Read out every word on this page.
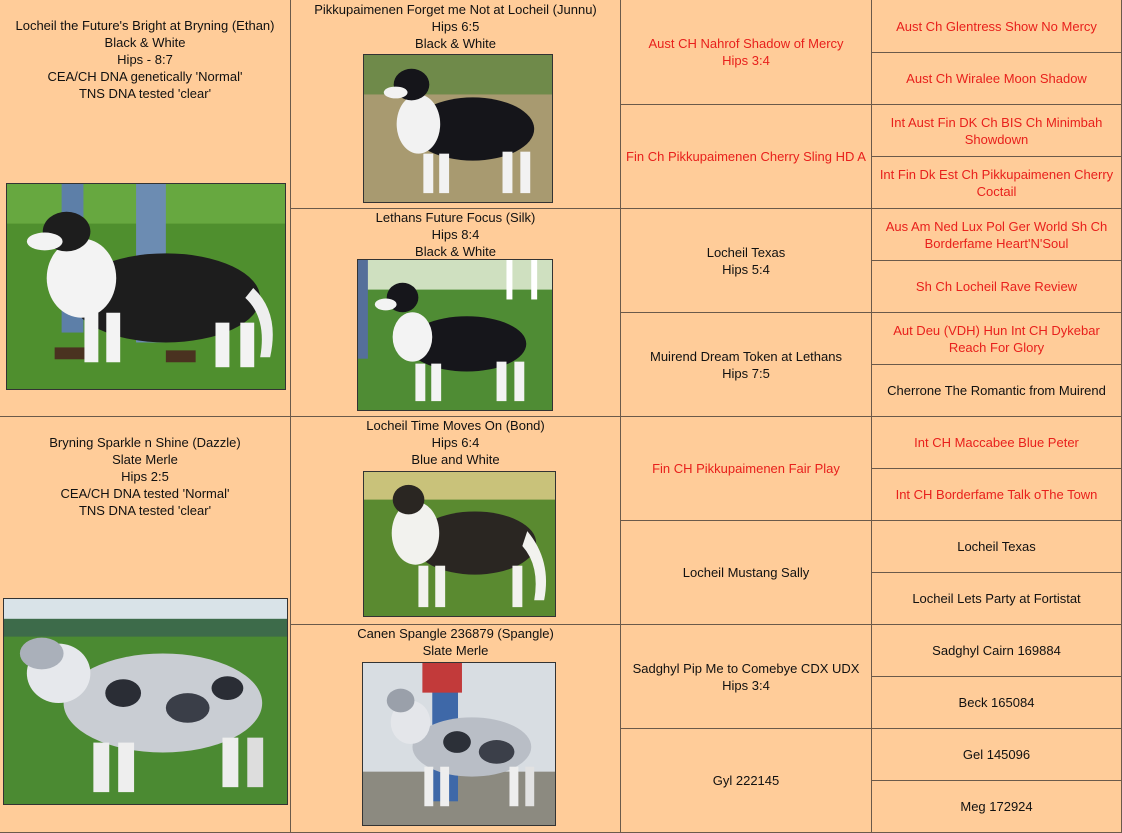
Locheil the Future's Bright at Bryning (Ethan)
Black & White
Hips - 8:7
CEA/CH DNA genetically 'Normal'
TNS DNA tested 'clear'
Bryning Sparkle n Shine (Dazzle)
Slate Merle
Hips 2:5
CEA/CH DNA tested 'Normal'
TNS DNA tested 'clear'
Pikkupaimenen Forget me Not at Locheil (Junnu)
Hips 6:5
Black & White
Lethans Future Focus (Silk)
Hips 8:4
Black & White
Locheil Time Moves On (Bond)
Hips 6:4
Blue and White
Canen Spangle 236879 (Spangle)
Slate Merle
Aust CH Nahrof Shadow of Mercy
Hips 3:4
Fin Ch Pikkupaimenen Cherry Sling HD A
Locheil Texas
Hips 5:4
Muirend Dream Token at Lethans
Hips 7:5
Fin CH Pikkupaimenen Fair Play
Locheil Mustang Sally
Sadghyl Pip Me to Comebye CDX UDX
Hips 3:4
Gyl 222145
Aust Ch Glentress Show No Mercy
Aust Ch Wiralee Moon Shadow
Int Aust Fin DK Ch BIS Ch Minimbah Showdown
Int Fin Dk Est Ch Pikkupaimenen Cherry Coctail
Aus Am Ned Lux Pol Ger World Sh Ch Borderfame Heart'N'Soul
Sh Ch Locheil Rave Review
Aut Deu (VDH) Hun Int CH Dykebar Reach For Glory
Cherrone The Romantic from Muirend
Int CH Maccabee Blue Peter
Int CH Borderfame Talk oThe Town
Locheil Texas
Locheil Lets Party at Fortistat
Sadghyl Cairn 169884
Beck 165084
Gel 145096
Meg 172924
